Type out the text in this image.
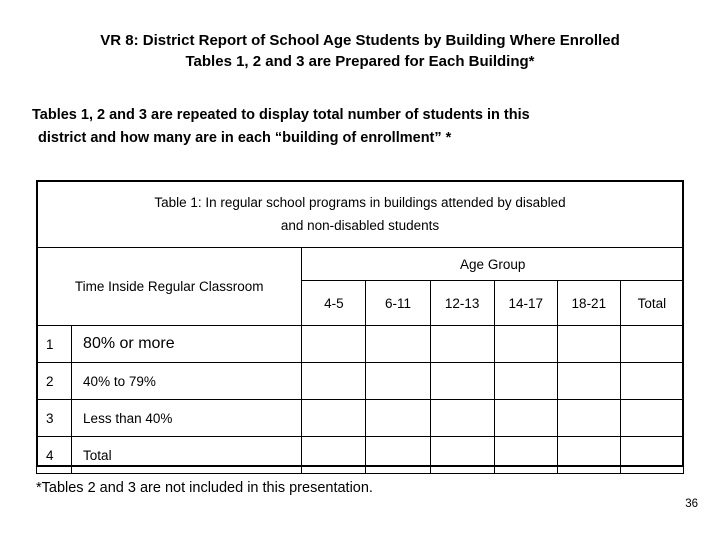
VR 8: District Report of School Age Students by Building Where Enrolled
Tables 1, 2 and 3 are Prepared for Each Building*
Tables 1, 2 and 3 are repeated to display total number of students in this
district and how many are in each “building of enrollment” *
Table 1: In regular school programs in buildings attended by disabled
and non-disabled students							

Time Inside Regular Classroom		Age Group					
		4-5	6-11	12-13	14-17	18-21	Total
1	80% or more						
2	40% to 79%						
3	Less than 40%						
4	Total						
*Tables 2 and 3 are not included in this presentation.
36
